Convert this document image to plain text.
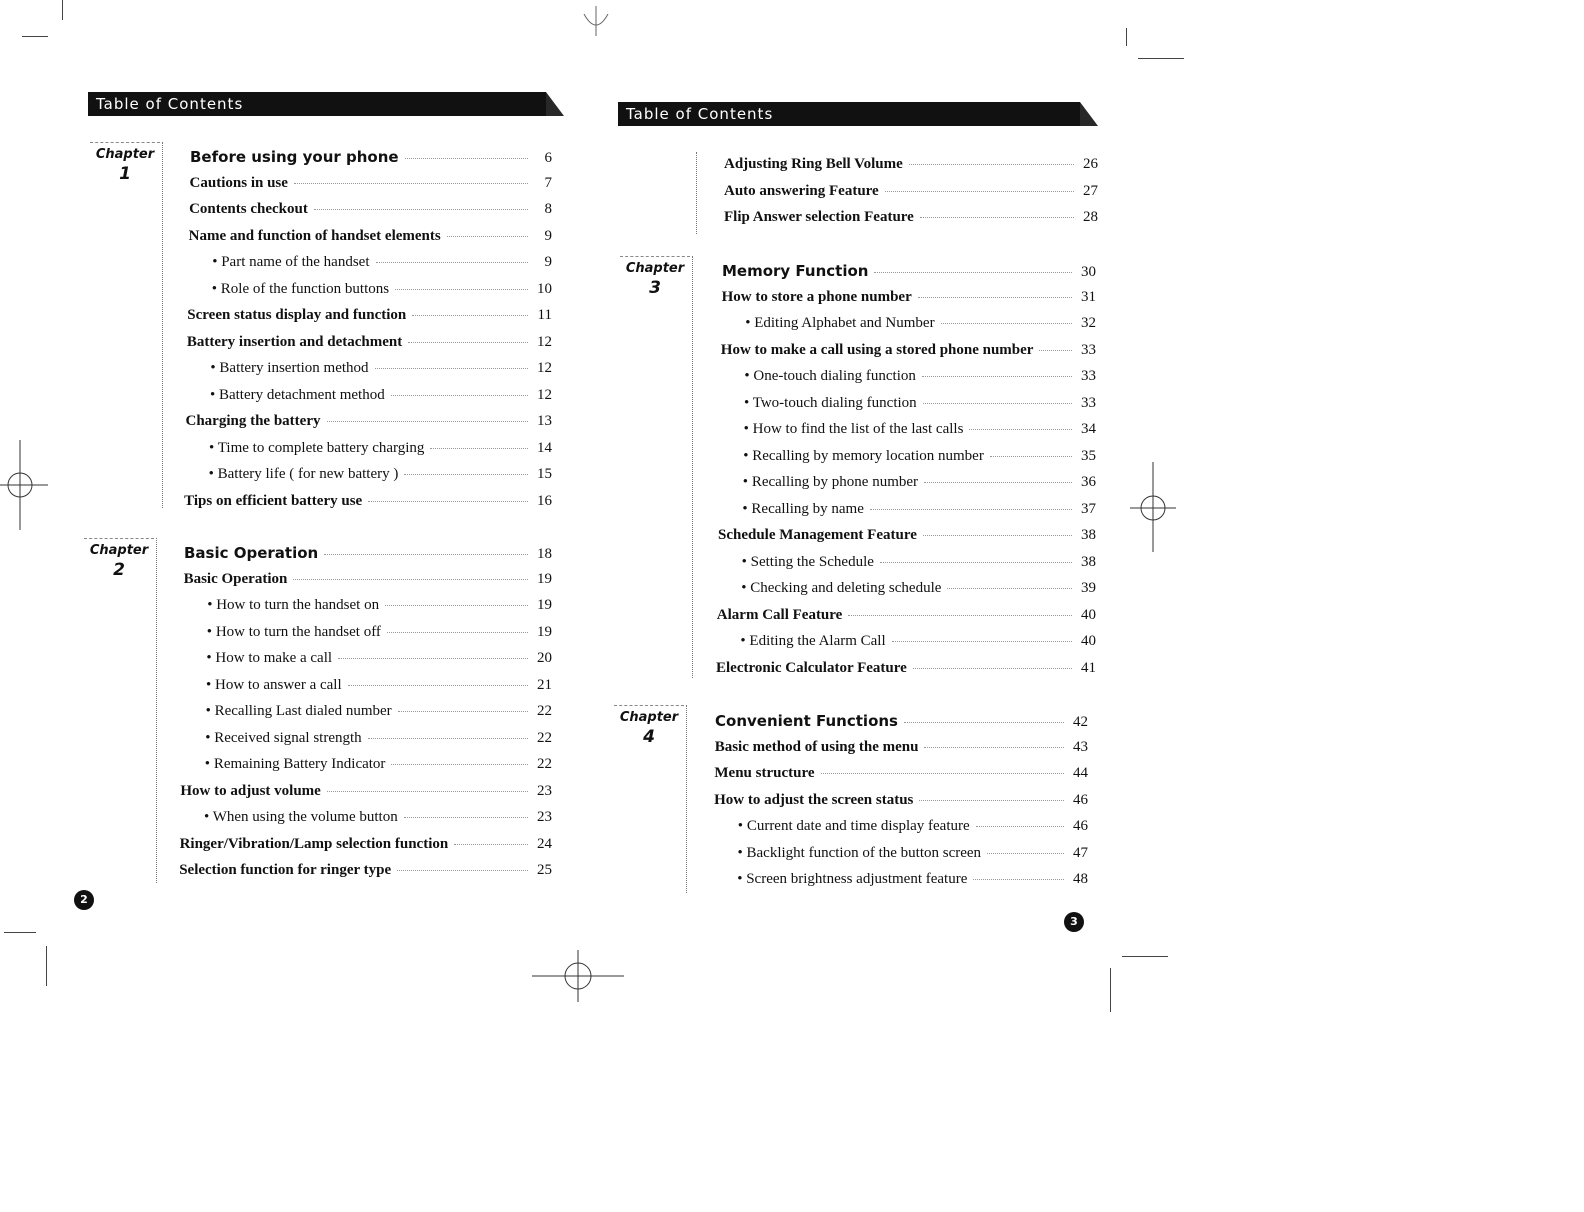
Table of Contents
Chapter
1
Chapter
2
Before using your phone	6
Cautions in use	7
Contents checkout	8
Name and function of handset elements	9
• Part name of the handset	9
• Role of the function buttons	10
Screen status display and function	11
Battery insertion and detachment	12
• Battery insertion method	12
• Battery detachment method	12
Charging the battery	13
• Time to complete battery charging	14
• Battery life ( for new battery )	15
Tips on efficient battery use	16
Basic Operation	18
Basic Operation	19
• How to turn the handset on	19
• How to turn the handset off	19
• How to make a call	20
• How to answer a call	21
• Recalling Last dialed number	22
• Received signal strength	22
• Remaining Battery Indicator	22
How to adjust volume	23
• When using the volume button	23
Ringer/Vibration/Lamp selection function	24
Selection function for ringer type	25
2
Table of Contents
Chapter
3
Chapter
4
Adjusting Ring Bell Volume	26
Auto answering Feature	27
Flip Answer selection Feature	28
Memory Function	30
How to store a phone number	31
• Editing Alphabet and Number	32
How to make a call using a stored phone number	33
• One-touch dialing function	33
• Two-touch dialing function	33
• How to find the list of the last calls	34
• Recalling by memory location number	35
• Recalling by phone number	36
• Recalling by name	37
Schedule Management Feature	38
• Setting the Schedule	38
• Checking and deleting schedule	39
Alarm Call Feature	40
• Editing the Alarm Call	40
Electronic Calculator Feature	41
Convenient Functions	42
Basic method of using the menu	43
Menu structure	44
How to adjust the screen status	46
• Current date and time display feature	46
• Backlight function of the button screen	47
• Screen brightness adjustment feature	48
3
